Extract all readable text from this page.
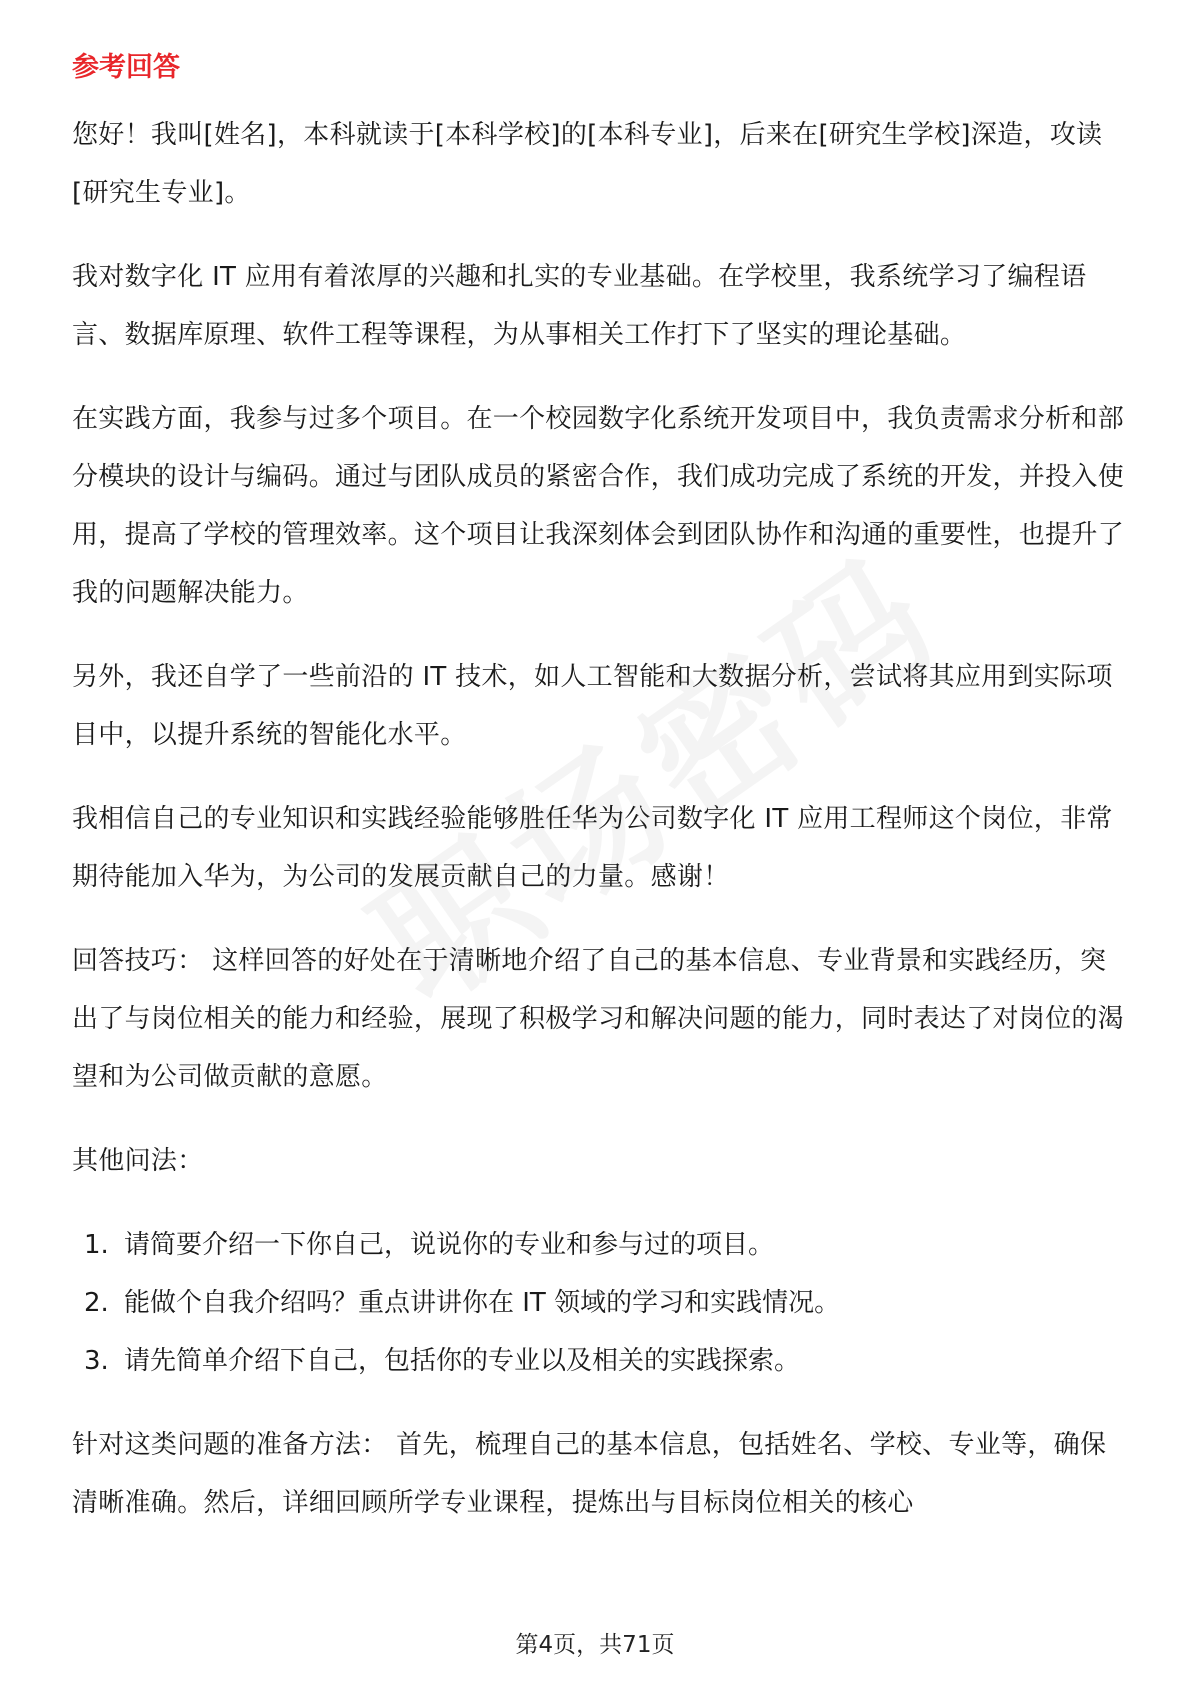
参考回答

您好！我叫[姓名]，本科就读于[本科学校]的[本科专业]，后来在[研究生学校]深造，攻读[研究生专业]。

我对数字化 IT 应用有着浓厚的兴趣和扎实的专业基础。在学校里，我系统学习了编程语言、数据库原理、软件工程等课程，为从事相关工作打下了坚实的理论基础。

在实践方面，我参与过多个项目。在一个校园数字化系统开发项目中，我负责需求分析和部分模块的设计与编码。通过与团队成员的紧密合作，我们成功完成了系统的开发，并投入使用，提高了学校的管理效率。这个项目让我深刻体会到团队协作和沟通的重要性，也提升了我的问题解决能力。

另外，我还自学了一些前沿的 IT 技术，如人工智能和大数据分析，尝试将其应用到实际项目中，以提升系统的智能化水平。

我相信自己的专业知识和实践经验能够胜任华为公司数字化 IT 应用工程师这个岗位，非常期待能加入华为，为公司的发展贡献自己的力量。感谢！

回答技巧： 这样回答的好处在于清晰地介绍了自己的基本信息、专业背景和实践经历，突出了与岗位相关的能力和经验，展现了积极学习和解决问题的能力，同时表达了对岗位的渴望和为公司做贡献的意愿。

其他问法：

1. 请简要介绍一下你自己，说说你的专业和参与过的项目。
2. 能做个自我介绍吗？重点讲讲你在 IT 领域的学习和实践情况。
3. 请先简单介绍下自己，包括你的专业以及相关的实践探索。

针对这类问题的准备方法： 首先，梳理自己的基本信息，包括姓名、学校、专业等，确保清晰准确。然后，详细回顾所学专业课程，提炼出与目标岗位相关的核心

第4页，共71页
